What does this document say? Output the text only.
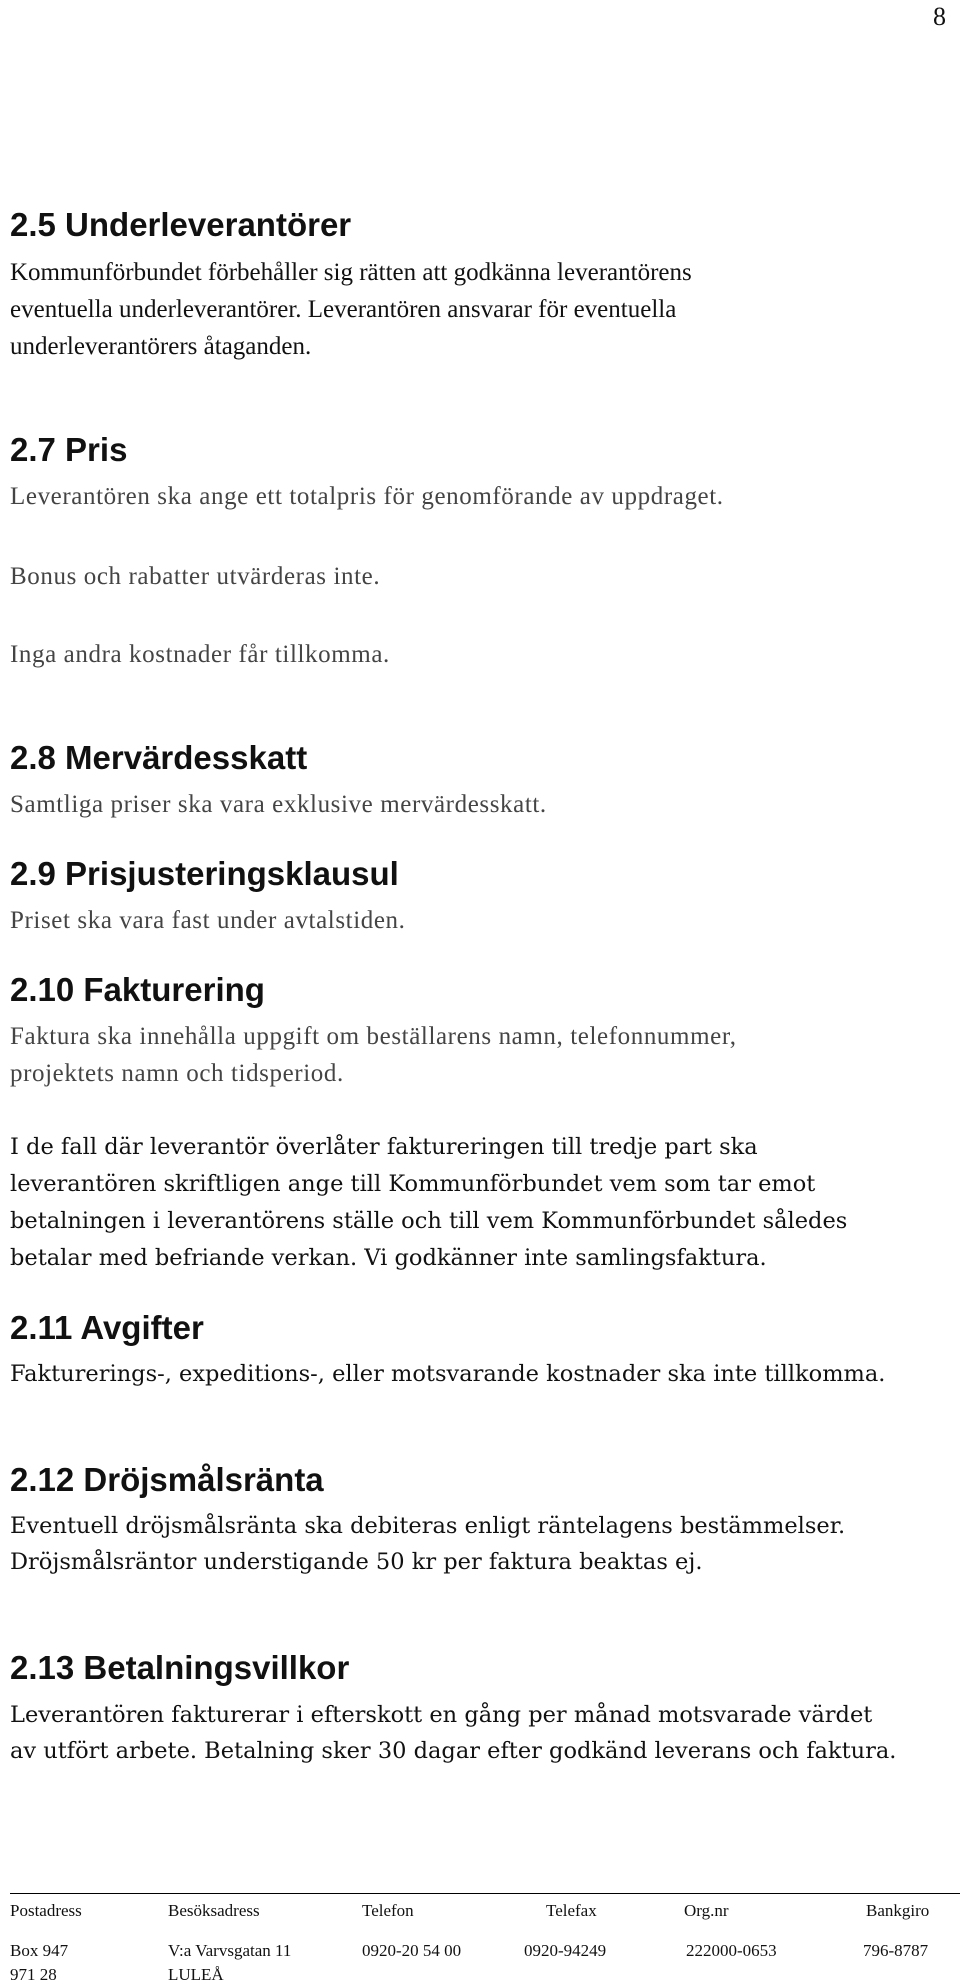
8
2.5 Underleverantörer
Kommunförbundet förbehåller sig rätten att godkänna leverantörens
eventuella underleverantörer. Leverantören ansvarar för eventuella
underleverantörers åtaganden.
2.7 Pris
Leverantören ska ange ett totalpris för genomförande av uppdraget.
Bonus och rabatter utvärderas inte.
Inga andra kostnader får tillkomma.
2.8 Mervärdesskatt
Samtliga priser ska vara exklusive mervärdesskatt.
2.9 Prisjusteringsklausul
Priset ska vara fast under avtalstiden.
2.10 Fakturering
Faktura ska innehålla uppgift om beställarens namn, telefonnummer,
projektets namn och tidsperiod.
I de fall där leverantör överlåter faktureringen till tredje part ska
leverantören skriftligen ange till Kommunförbundet vem som tar emot
betalningen i leverantörens ställe och till vem Kommunförbundet således
betalar med befriande verkan. Vi godkänner inte samlingsfaktura.
2.11 Avgifter
Fakturerings-, expeditions-, eller motsvarande kostnader ska inte tillkomma.
2.12 Dröjsmålsränta
Eventuell dröjsmålsränta ska debiteras enligt räntelagens bestämmelser.
Dröjsmålsräntor understigande 50 kr per faktura beaktas ej.
2.13 Betalningsvillkor
Leverantören fakturerar i efterskott en gång per månad motsvarade värdet
av utfört arbete. Betalning sker 30 dagar efter godkänd leverans och faktura.
Postadress	Besöksadress	Telefon	Telefax	Org.nr	Bankgiro
Box 947	V:a Varvsgatan 11	0920-20 54 00	0920-94249	222000-0653	796-8787
971 28	LULEÅ
